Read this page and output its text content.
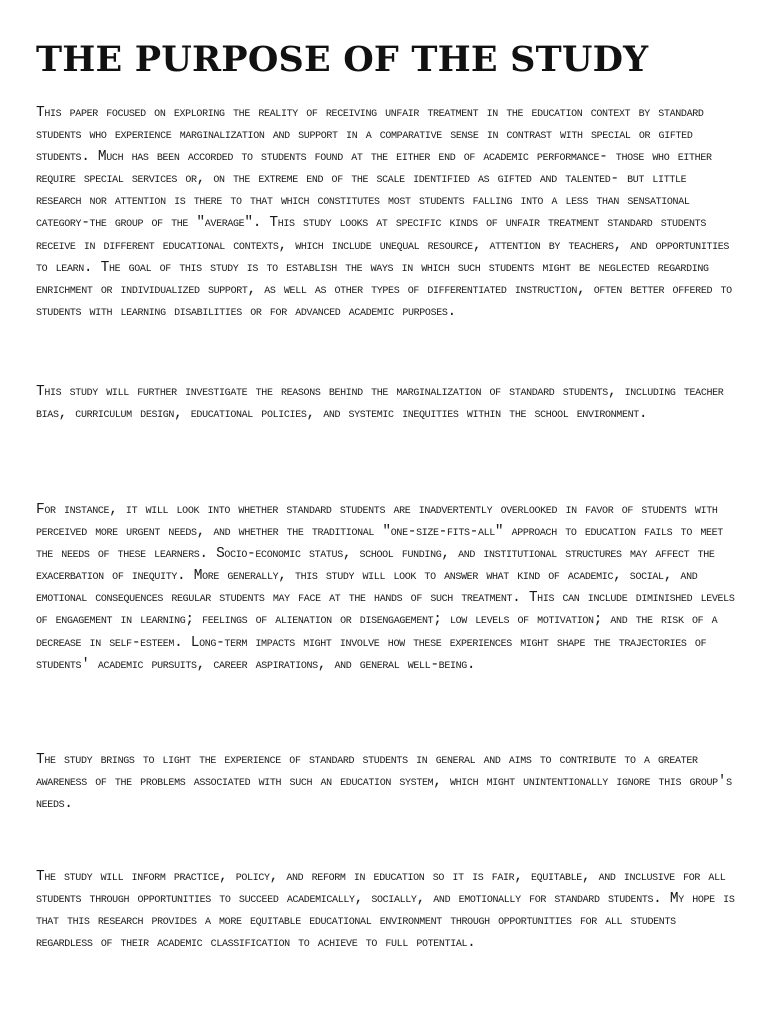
THE PURPOSE OF THE STUDY

This paper focused on exploring the reality of receiving unfair treatment in the education context by standard students who experience marginalization and support in a comparative sense in contrast with special or gifted students. Much has been accorded to students found at the either end of academic performance- those who either require special services or, on the extreme end of the scale identified as gifted and talented- but little research nor attention is there to that which constitutes most students falling into a less than sensational category-the group of the "average". This study looks at specific kinds of unfair treatment standard students receive in different educational contexts, which include unequal resource, attention by teachers, and opportunities to learn. The goal of this study is to establish the ways in which such students might be neglected regarding enrichment or individualized support, as well as other types of differentiated instruction, often better offered to students with learning disabilities or for advanced academic purposes.

This study will further investigate the reasons behind the marginalization of standard students, including teacher bias, curriculum design, educational policies, and systemic inequities within the school environment.

For instance, it will look into whether standard students are inadvertently overlooked in favor of students with perceived more urgent needs, and whether the traditional "one-size-fits-all" approach to education fails to meet the needs of these learners. Socio-economic status, school funding, and institutional structures may affect the exacerbation of inequity. More generally, this study will look to answer what kind of academic, social, and emotional consequences regular students may face at the hands of such treatment. This can include diminished levels of engagement in learning; feelings of alienation or disengagement; low levels of motivation; and the risk of a decrease in self-esteem. Long-term impacts might involve how these experiences might shape the trajectories of students' academic pursuits, career aspirations, and general well-being.

The study brings to light the experience of standard students in general and aims to contribute to a greater awareness of the problems associated with such an education system, which might unintentionally ignore this group's needs.

The study will inform practice, policy, and reform in education so it is fair, equitable, and inclusive for all students through opportunities to succeed academically, socially, and emotionally for standard students. My hope is that this research provides a more equitable educational environment through opportunities for all students regardless of their academic classification to achieve to full potential.
